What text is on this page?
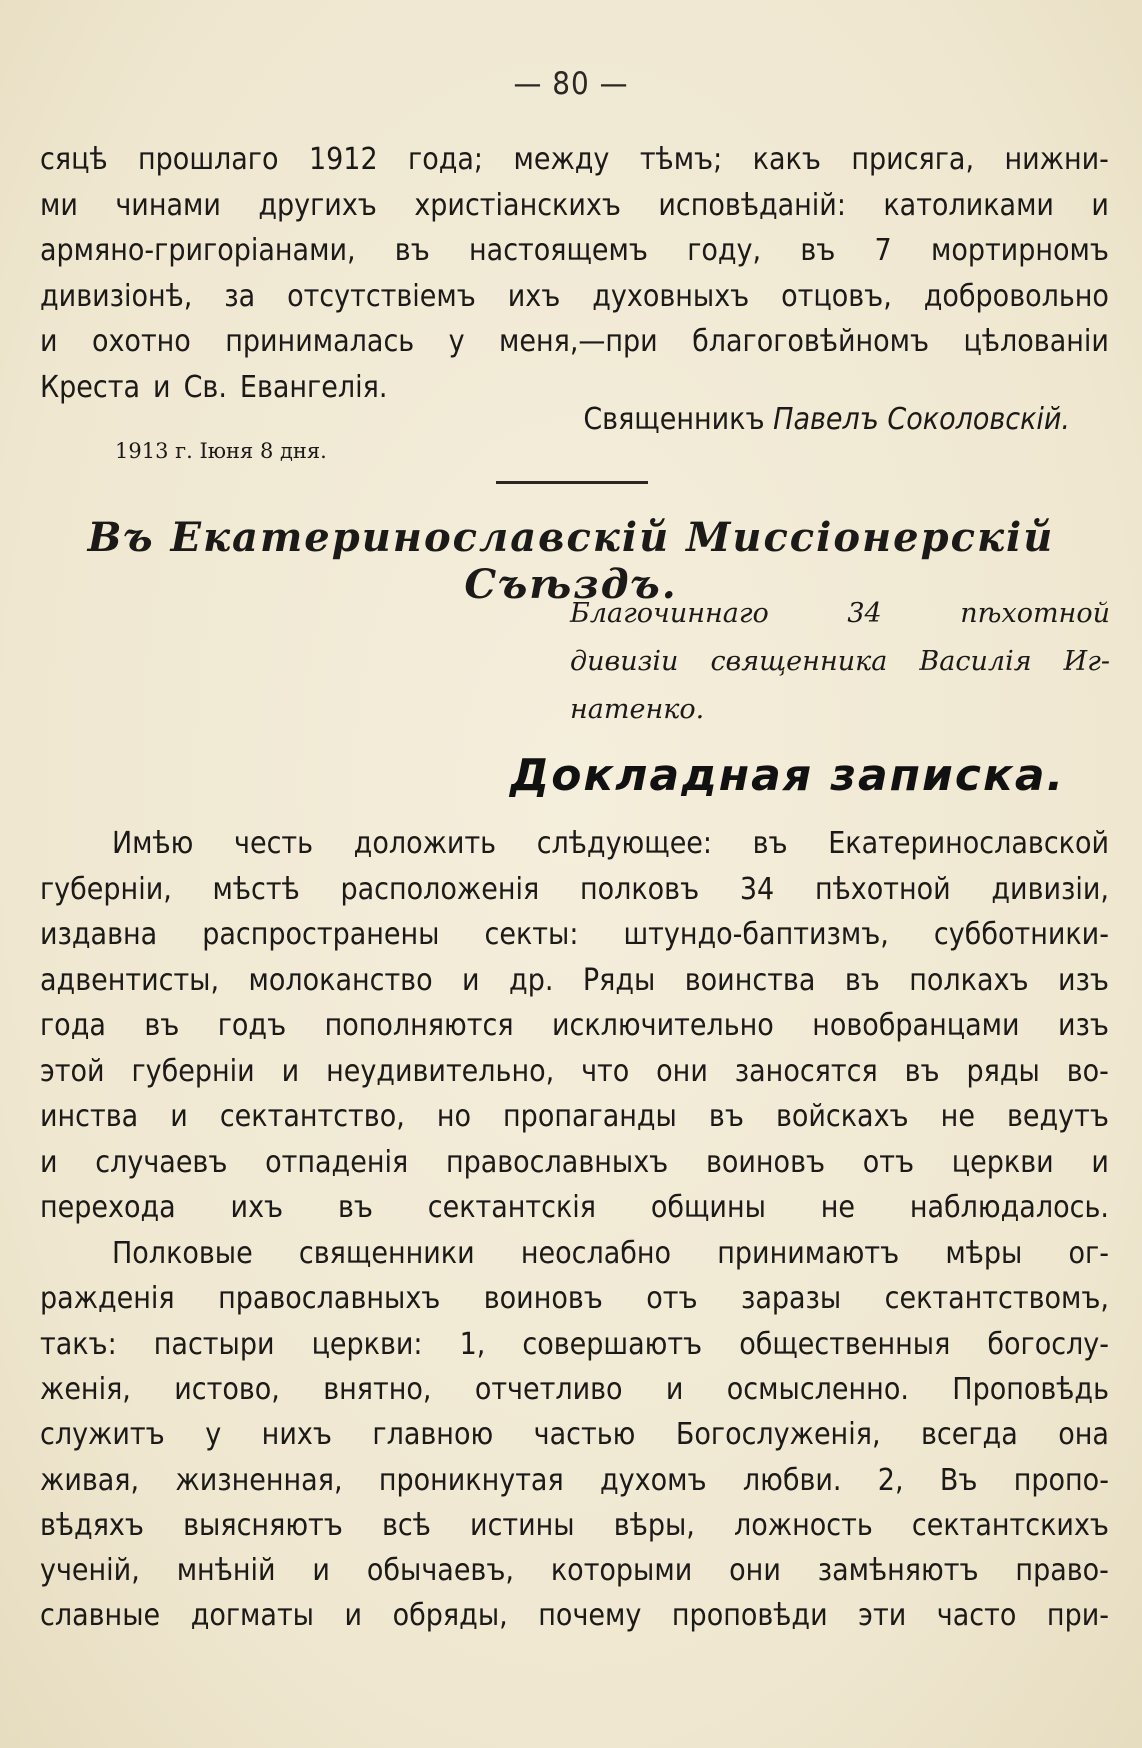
— 80 —
сяцѣ прошлаго 1912 года; между тѣмъ; какъ присяга, нижни-
ми чинами другихъ христіанскихъ исповѣданій: католиками и
армяно-григоріанами, въ настоящемъ году, въ 7 мортирномъ
дивизіонѣ, за отсутствіемъ ихъ духовныхъ отцовъ, добровольно
и охотно принималась у меня,—при благоговѣйномъ цѣлованіи
Креста и Св. Евангелія.
Священникъ Павелъ Соколовскій.
1913 г. Іюня 8 дня.
Въ Екатеринославскій Миссіонерскій Съѣздъ.
Благочиннаго	34	пѣхотной
дивизіи священника Василія Иг-
натенко.
Докладная записка.
Имѣю честь доложить слѣдующее: въ Екатеринославской
губерніи, мѣстѣ расположенія полковъ 34 пѣхотной дивизіи,
издавна распространены секты: штундо-баптизмъ, субботники-
адвентисты, молоканство и др. Ряды воинства въ полкахъ изъ
года въ годъ пополняются исключительно новобранцами изъ
этой губерніи и неудивительно, что они заносятся въ ряды во-
инства и сектантство, но пропаганды въ войскахъ не ведутъ
и случаевъ отпаденія православныхъ воиновъ отъ церкви и
перехода ихъ въ сектантскія общины не наблюдалось.
Полковые священники неослабно принимаютъ мѣры ог-
ражденія православныхъ воиновъ отъ заразы сектантствомъ,
такъ: пастыри церкви: 1, совершаютъ общественныя богослу-
женія, истово, внятно, отчетливо и осмысленно. Проповѣдь
служитъ у нихъ главною частью Богослуженія, всегда она
живая, жизненная, проникнутая духомъ любви. 2, Въ пропо-
вѣдяхъ выясняютъ всѣ истины вѣры, ложность сектантскихъ
ученій, мнѣній и обычаевъ, которыми они замѣняютъ право-
славные догматы и обряды, почему проповѣди эти часто при-
